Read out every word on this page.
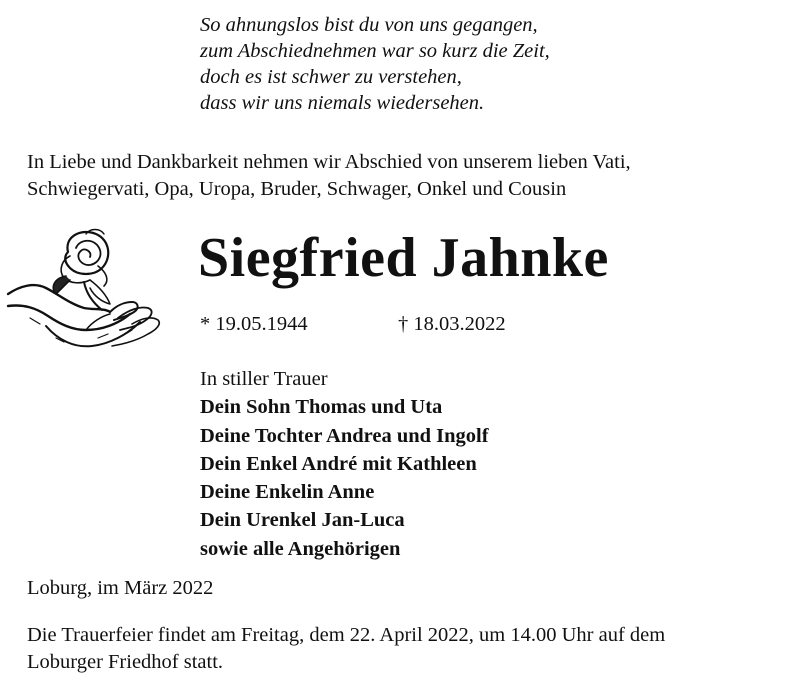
So ahnungslos bist du von uns gegangen,
zum Abschiednehmen war so kurz die Zeit,
doch es ist schwer zu verstehen,
dass wir uns niemals wiedersehen.
In Liebe und Dankbarkeit nehmen wir Abschied von unserem lieben Vati,
Schwiegervati, Opa, Uropa, Bruder, Schwager, Onkel und Cousin
Siegfried Jahnke
* 19.05.1944	† 18.03.2022
In stiller Trauer
Dein Sohn Thomas und Uta
Deine Tochter Andrea und Ingolf
Dein Enkel André mit Kathleen
Deine Enkelin Anne
Dein Urenkel Jan-Luca
sowie alle Angehörigen
Loburg, im März 2022
Die Trauerfeier findet am Freitag, dem 22. April 2022, um 14.00 Uhr auf dem
Loburger Friedhof statt.
